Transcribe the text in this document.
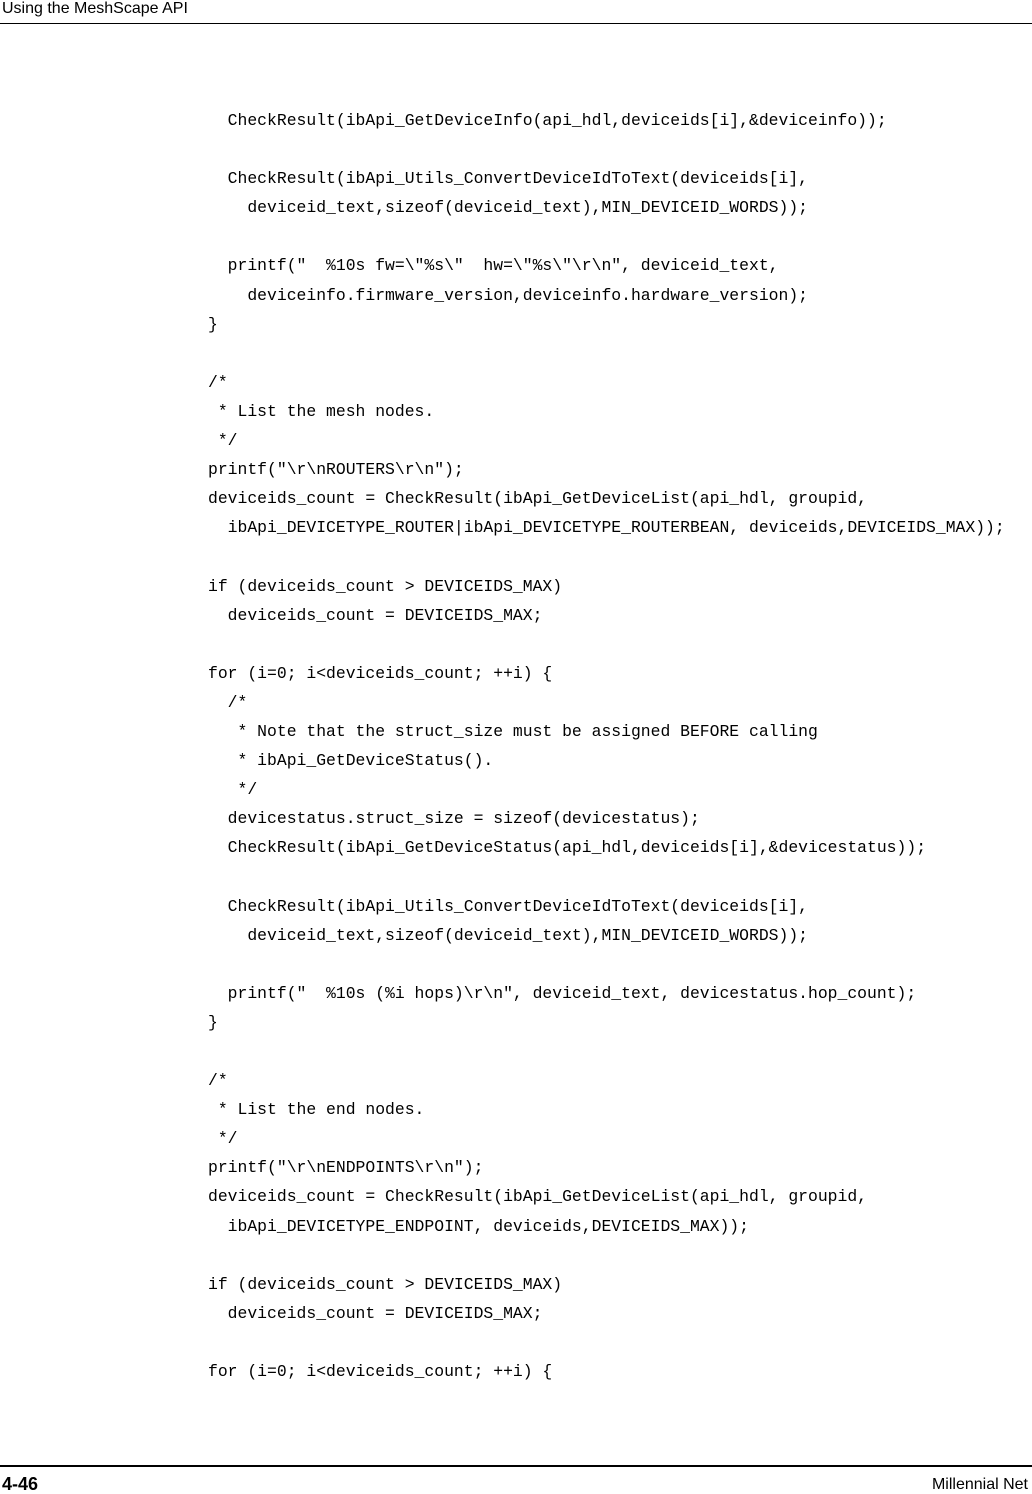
Using the MeshScape API
CheckResult(ibApi_GetDeviceInfo(api_hdl,deviceids[i],&deviceinfo));
CheckResult(ibApi_Utils_ConvertDeviceIdToText(deviceids[i],
deviceid_text,sizeof(deviceid_text),MIN_DEVICEID_WORDS));
printf("  %10s fw=\"%s\"  hw=\"%s\"\r\n", deviceid_text,
deviceinfo.firmware_version,deviceinfo.hardware_version);
}
/*
* List the mesh nodes.
*/
printf("\r\nROUTERS\r\n");
deviceids_count = CheckResult(ibApi_GetDeviceList(api_hdl, groupid,
ibApi_DEVICETYPE_ROUTER|ibApi_DEVICETYPE_ROUTERBEAN, deviceids,DEVICEIDS_MAX));
if (deviceids_count > DEVICEIDS_MAX)
deviceids_count = DEVICEIDS_MAX;
for (i=0; i<deviceids_count; ++i) {
/*
* Note that the struct_size must be assigned BEFORE calling
* ibApi_GetDeviceStatus().
*/
devicestatus.struct_size = sizeof(devicestatus);
CheckResult(ibApi_GetDeviceStatus(api_hdl,deviceids[i],&devicestatus));
CheckResult(ibApi_Utils_ConvertDeviceIdToText(deviceids[i],
deviceid_text,sizeof(deviceid_text),MIN_DEVICEID_WORDS));
printf("  %10s (%i hops)\r\n", deviceid_text, devicestatus.hop_count);
}
/*
* List the end nodes.
*/
printf("\r\nENDPOINTS\r\n");
deviceids_count = CheckResult(ibApi_GetDeviceList(api_hdl, groupid,
ibApi_DEVICETYPE_ENDPOINT, deviceids,DEVICEIDS_MAX));
if (deviceids_count > DEVICEIDS_MAX)
deviceids_count = DEVICEIDS_MAX;
for (i=0; i<deviceids_count; ++i) {
4-46	Millennial Net
